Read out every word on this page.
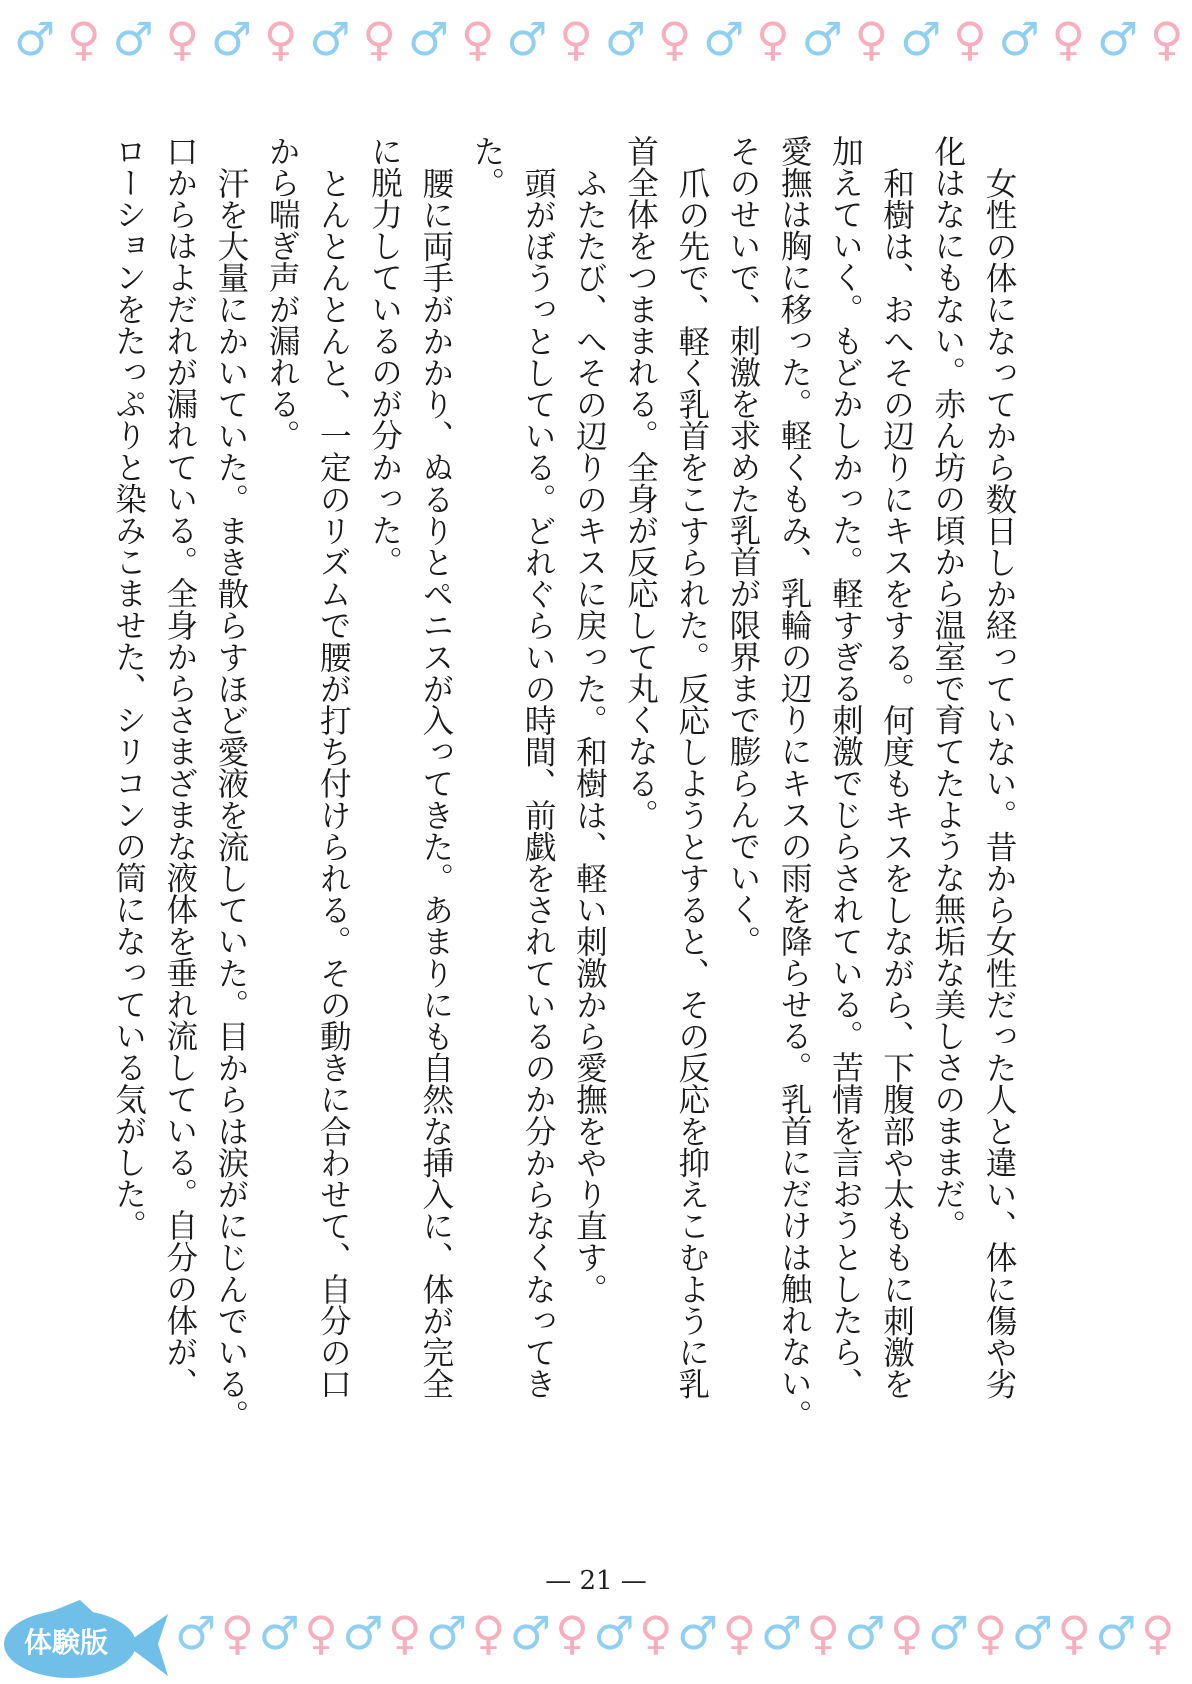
♂ ♀ ♂ ♀ ♂ ♀ ♂ ♀ ♂ ♀ ♂ ♀ ♂ ♀ ♂ ♀ ♂ ♀ ♂ ♀ ♂ ♀ ♂ ♀
♂ ♀ ♂ ♀ ♂ ♀ ♂ ♀ ♂ ♀ ♂ ♀ ♂ ♀ ♂ ♀ ♂ ♀ ♂ ♀ ♂ ♀ ♂ ♀
女性の体になってから数日しか経っていない。昔から女性だった人と違い、体に傷や劣
化はなにもない。赤ん坊の頃から温室で育てたような無垢な美しさのままだ。
和樹は、おへその辺りにキスをする。何度もキスをしながら、下腹部や太ももに刺激を
加えていく。もどかしかった。軽すぎる刺激でじらされている。苦情を言おうとしたら、
愛撫は胸に移った。軽くもみ、乳輪の辺りにキスの雨を降らせる。乳首にだけは触れない。
そのせいで、刺激を求めた乳首が限界まで膨らんでいく。
爪の先で、軽く乳首をこすられた。反応しようとすると、その反応を抑えこむように乳
首全体をつままれる。全身が反応して丸くなる。
ふたたび、へその辺りのキスに戻った。和樹は、軽い刺激から愛撫をやり直す。
頭がぼうっとしている。どれぐらいの時間、前戯をされているのか分からなくなってき
た。
腰に両手がかかり、ぬるりとペニスが入ってきた。あまりにも自然な挿入に、体が完全
に脱力しているのが分かった。
とんとんとんと、一定のリズムで腰が打ち付けられる。その動きに合わせて、自分の口
から喘ぎ声が漏れる。
汗を大量にかいていた。まき散らすほど愛液を流していた。目からは涙がにじんでいる。
口からはよだれが漏れている。全身からさまざまな液体を垂れ流している。自分の体が、
ローションをたっぷりと染みこませた、シリコンの筒になっている気がした。
— 21 —
体験版
